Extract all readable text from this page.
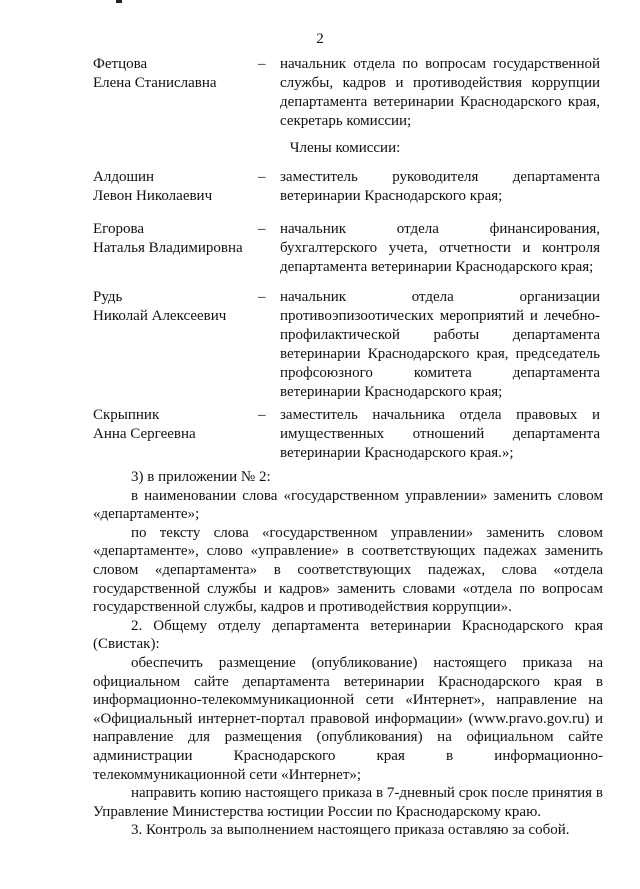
2
Фетцова
Елена Станиславна
– начальник отдела по вопросам государственной службы, кадров и противодействия коррупции департамента ветеринарии Краснодарского края, секретарь комиссии;
Члены комиссии:
Алдошин
Левон Николаевич
– заместитель руководителя департамента ветеринарии Краснодарского края;
Егорова
Наталья Владимировна
– начальник отдела финансирования, бухгалтерского учета, отчетности и контроля департамента ветеринарии Краснодарского края;
Рудь
Николай Алексеевич
– начальник отдела организации противоэпизоотических мероприятий и лечебно-профилактической работы департамента ветеринарии Краснодарского края, председатель профсоюзного комитета департамента ветеринарии Краснодарского края;
Скрыпник
Анна Сергеевна
– заместитель начальника отдела правовых и имущественных отношений департамента ветеринарии Краснодарского края.»;

3) в приложении № 2:

в наименовании слова «государственном управлении» заменить словом «департаменте»;

по тексту слова «государственном управлении» заменить словом «департаменте», слово «управление» в соответствующих падежах заменить словом «департамента» в соответствующих падежах, слова «отдела государственной службы и кадров» заменить словами «отдела по вопросам государственной службы, кадров и противодействия коррупции».

2. Общему отделу департамента ветеринарии Краснодарского края (Свистак):

обеспечить размещение (опубликование) настоящего приказа на официальном сайте департамента ветеринарии Краснодарского края в информационно-телекоммуникационной сети «Интернет», направление на «Официальный интернет-портал правовой информации» (www.pravo.gov.ru) и направление для размещения (опубликования) на официальном сайте администрации Краснодарского края в информационно-телекоммуникационной сети «Интернет»;

направить копию настоящего приказа в 7-дневный срок после принятия в Управление Министерства юстиции России по Краснодарскому краю.

3. Контроль за выполнением настоящего приказа оставляю за собой.
